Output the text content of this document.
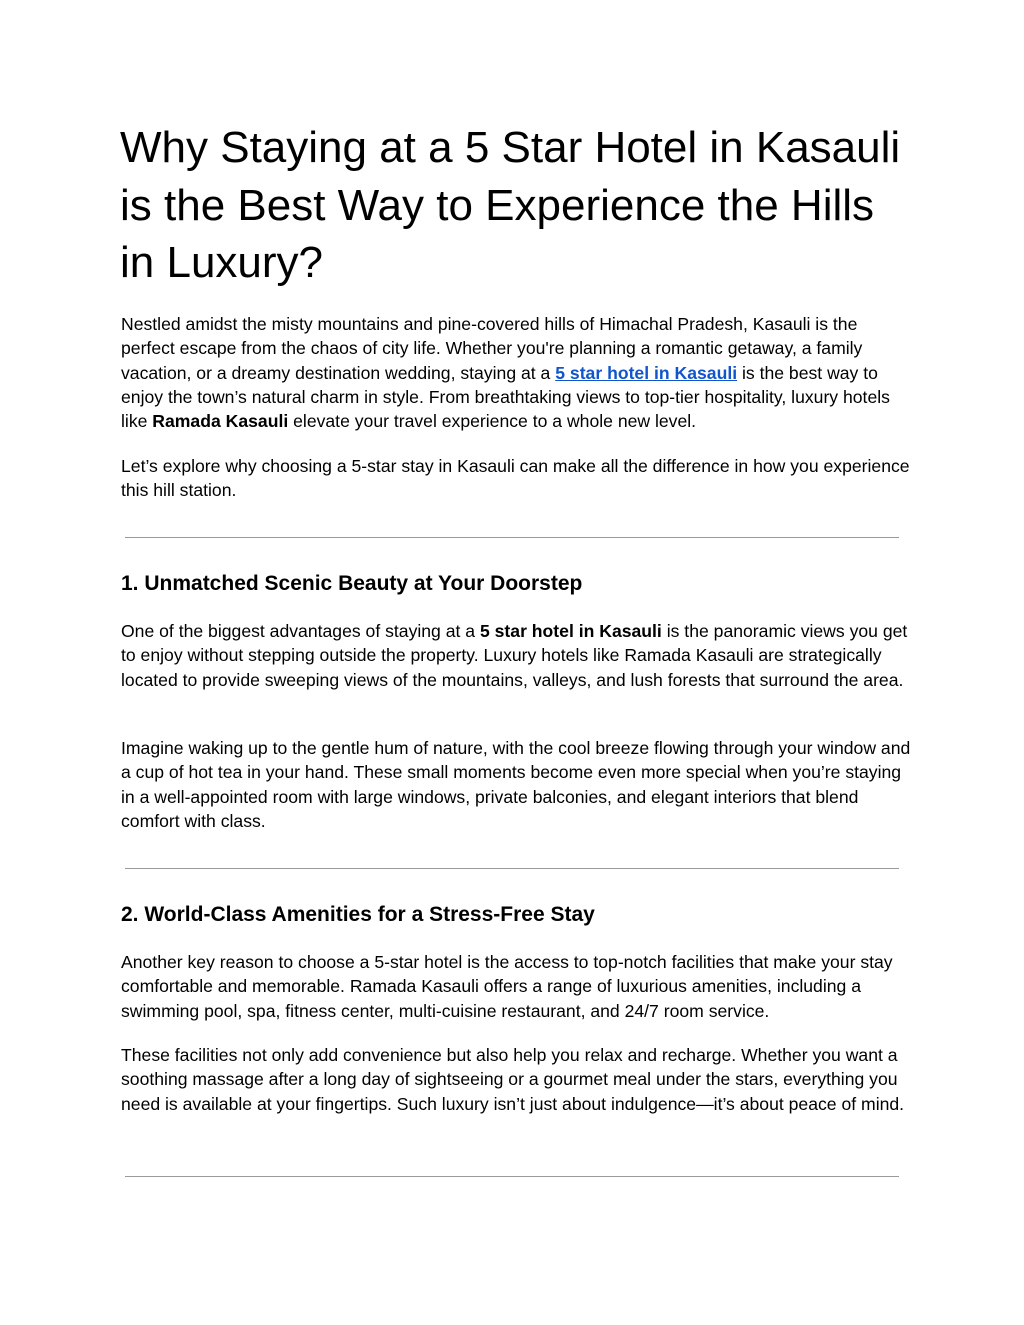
Why Staying at a 5 Star Hotel in Kasauli is the Best Way to Experience the Hills in Luxury?

Nestled amidst the misty mountains and pine-covered hills of Himachal Pradesh, Kasauli is the perfect escape from the chaos of city life. Whether you're planning a romantic getaway, a family vacation, or a dreamy destination wedding, staying at a 5 star hotel in Kasauli is the best way to enjoy the town’s natural charm in style. From breathtaking views to top-tier hospitality, luxury hotels like Ramada Kasauli elevate your travel experience to a whole new level.

Let’s explore why choosing a 5-star stay in Kasauli can make all the difference in how you experience this hill station.

1. Unmatched Scenic Beauty at Your Doorstep

One of the biggest advantages of staying at a 5 star hotel in Kasauli is the panoramic views you get to enjoy without stepping outside the property. Luxury hotels like Ramada Kasauli are strategically located to provide sweeping views of the mountains, valleys, and lush forests that surround the area.

Imagine waking up to the gentle hum of nature, with the cool breeze flowing through your window and a cup of hot tea in your hand. These small moments become even more special when you’re staying in a well-appointed room with large windows, private balconies, and elegant interiors that blend comfort with class.

2. World-Class Amenities for a Stress-Free Stay

Another key reason to choose a 5-star hotel is the access to top-notch facilities that make your stay comfortable and memorable. Ramada Kasauli offers a range of luxurious amenities, including a swimming pool, spa, fitness center, multi-cuisine restaurant, and 24/7 room service.

These facilities not only add convenience but also help you relax and recharge. Whether you want a soothing massage after a long day of sightseeing or a gourmet meal under the stars, everything you need is available at your fingertips. Such luxury isn’t just about indulgence—it’s about peace of mind.
